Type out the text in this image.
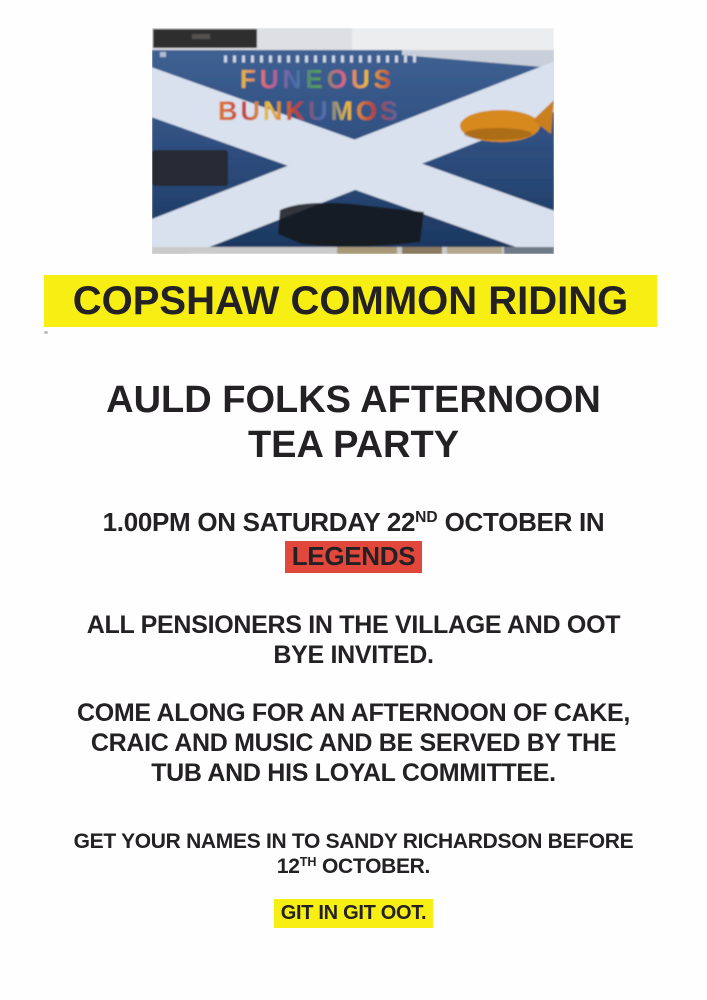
FUNEOUS
BUNKUMOS
COPSHAW COMMON RIDING
AULD FOLKS AFTERNOON
TEA PARTY
1.00PM ON SATURDAY 22ND OCTOBER IN
LEGENDS
ALL PENSIONERS IN THE VILLAGE AND OOT
BYE INVITED.
COME ALONG FOR AN AFTERNOON OF CAKE,
CRAIC AND MUSIC AND BE SERVED BY THE
TUB AND HIS LOYAL COMMITTEE.
GET YOUR NAMES IN TO SANDY RICHARDSON BEFORE
12TH OCTOBER.
GIT IN GIT OOT.
